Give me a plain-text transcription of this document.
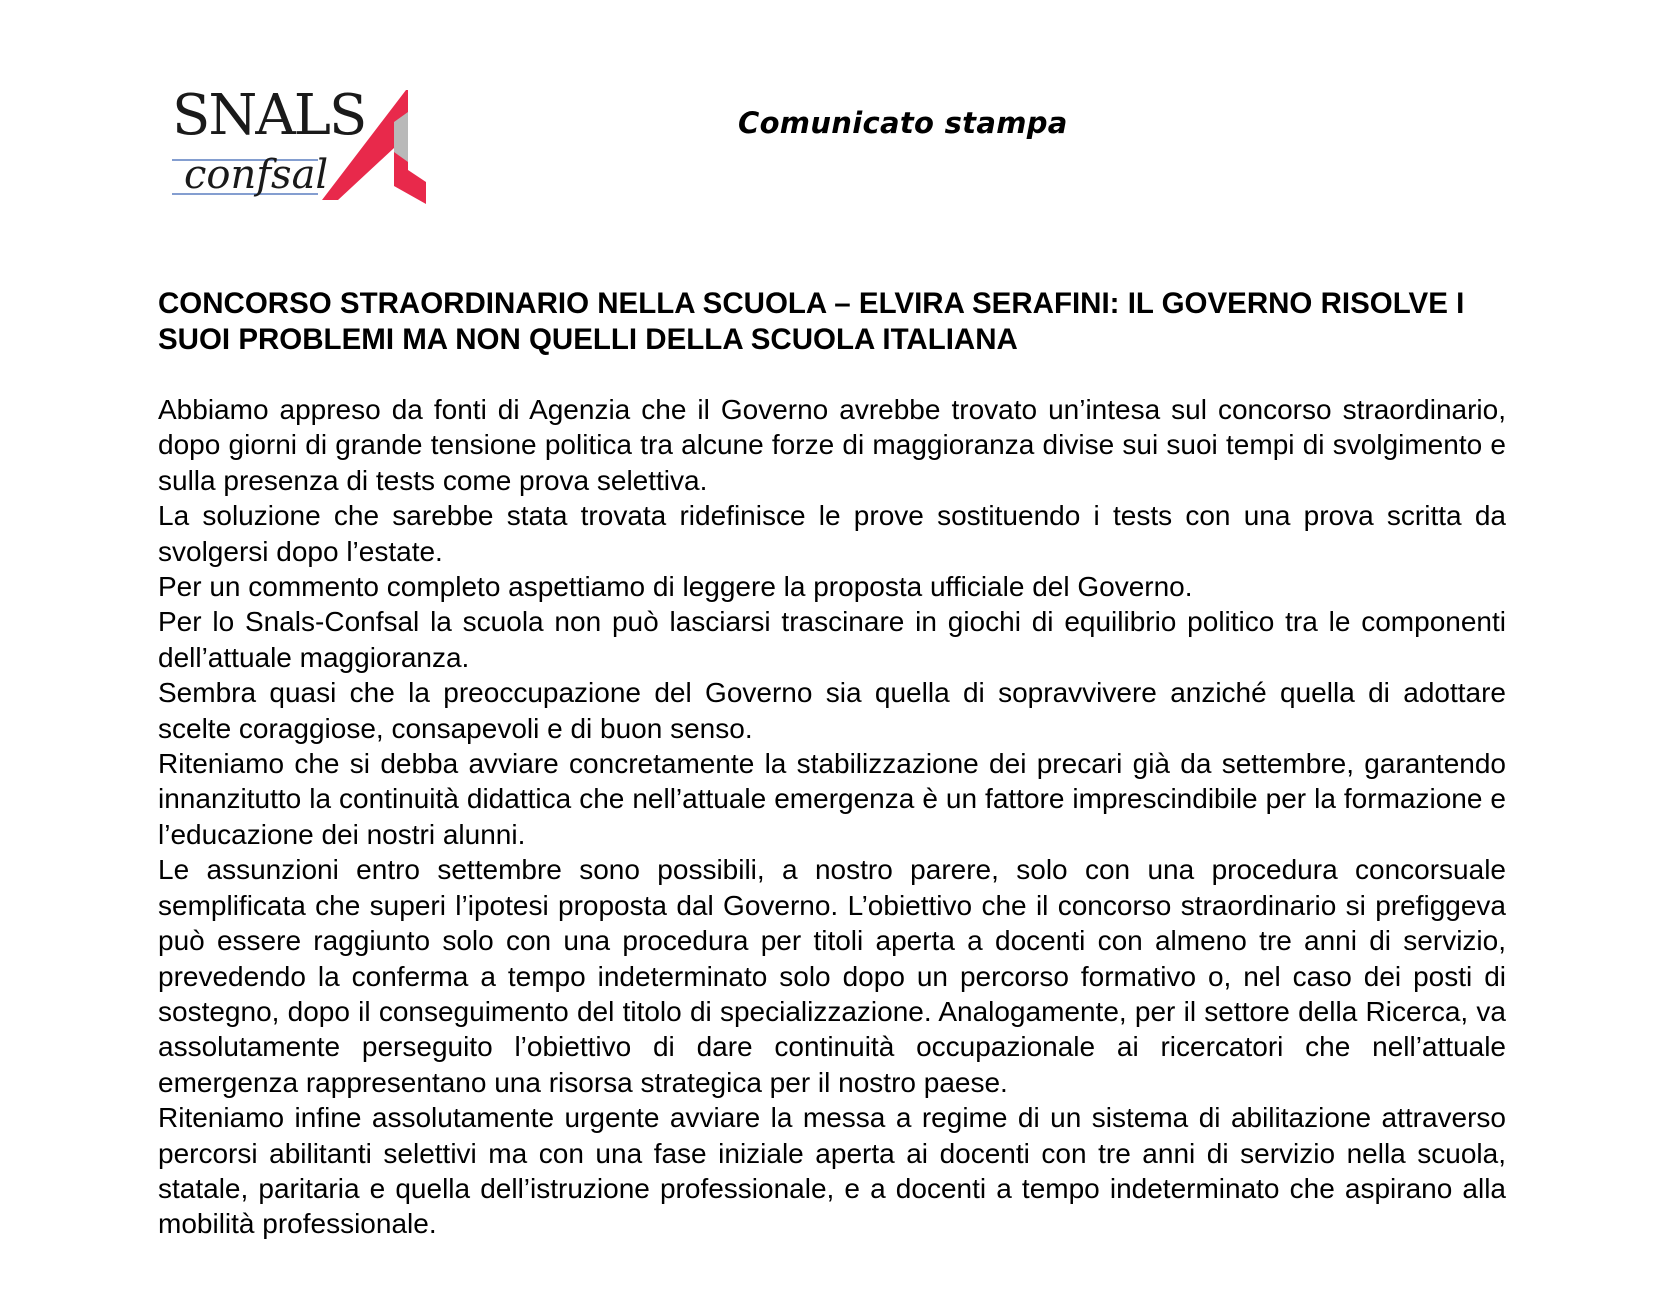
SNALS
confsal

Comunicato stampa

CONCORSO STRAORDINARIO NELLA SCUOLA – ELVIRA SERAFINI: IL GOVERNO RISOLVE I SUOI PROBLEMI MA NON QUELLI DELLA SCUOLA ITALIANA

Abbiamo appreso da fonti di Agenzia che il Governo avrebbe trovato un’intesa sul concorso straordinario, dopo giorni di grande tensione politica tra alcune forze di maggioranza divise sui suoi tempi di svolgimento e sulla presenza di tests come prova selettiva.

La soluzione che sarebbe stata trovata ridefinisce le prove sostituendo i tests con una prova scritta da svolgersi dopo l’estate.

Per un commento completo aspettiamo di leggere la proposta ufficiale del Governo.

Per lo Snals-Confsal la scuola non può lasciarsi trascinare in giochi di equilibrio politico tra le componenti dell’attuale maggioranza.

Sembra quasi che la preoccupazione del Governo sia quella di sopravvivere anziché quella di adottare scelte coraggiose, consapevoli e di buon senso.

Riteniamo che si debba avviare concretamente la stabilizzazione dei precari già da settembre, garantendo innanzitutto la continuità didattica che nell’attuale emergenza è un fattore imprescindibile per la formazione e l’educazione dei nostri alunni.

Le assunzioni entro settembre sono possibili, a nostro parere, solo con una procedura concorsuale semplificata che superi l’ipotesi proposta dal Governo. L’obiettivo che il concorso straordinario si prefiggeva può essere raggiunto solo con una procedura per titoli aperta a docenti con almeno tre anni di servizio, prevedendo la conferma a tempo indeterminato solo dopo un percorso formativo o, nel caso dei posti di sostegno, dopo il conseguimento del titolo di specializzazione. Analogamente, per il settore della Ricerca, va assolutamente perseguito l’obiettivo di dare continuità occupazionale ai ricercatori che nell’attuale emergenza rappresentano una risorsa strategica per il nostro paese.

Riteniamo infine assolutamente urgente avviare la messa a regime di un sistema di abilitazione attraverso percorsi abilitanti selettivi ma con una fase iniziale aperta ai docenti con tre anni di servizio nella scuola, statale, paritaria e quella dell’istruzione professionale, e a docenti a tempo indeterminato che aspirano alla mobilità professionale.
